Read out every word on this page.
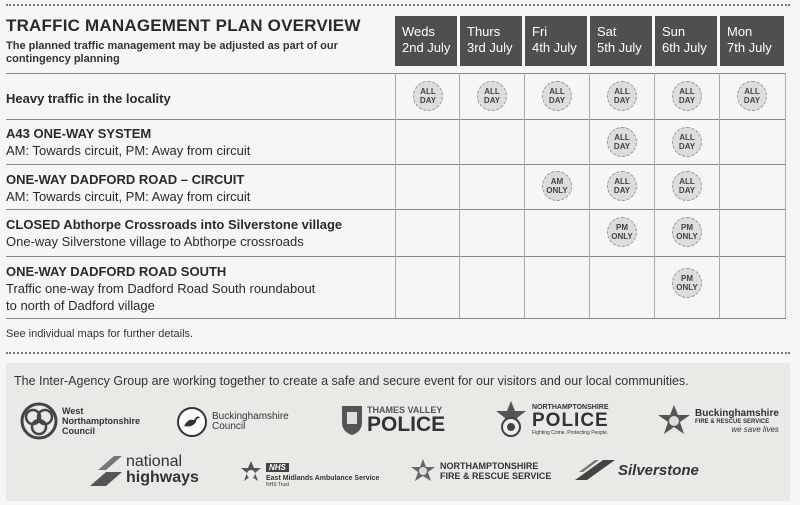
TRAFFIC MANAGEMENT PLAN OVERVIEW
The planned traffic management may be adjusted as part of our contingency planning
Weds
2nd July
Thurs
3rd July
Fri
4th July
Sat
5th July
Sun
6th July
Mon
7th July
Heavy traffic in the locality
A43 ONE-WAY SYSTEM
AM: Towards circuit, PM: Away from circuit
ONE-WAY DADFORD ROAD – CIRCUIT
AM: Towards circuit, PM: Away from circuit
CLOSED Abthorpe Crossroads into Silverstone village
One-way Silverstone village to Abthorpe crossroads
ONE-WAY DADFORD ROAD SOUTH
Traffic one-way from Dadford Road South roundabout
to north of Dadford village
ALL
DAY
ALL
DAY
ALL
DAY
ALL
DAY
ALL
DAY
ALL
DAY
ALL
DAY
ALL
DAY
AM
ONLY
ALL
DAY
ALL
DAY
PM
ONLY
PM
ONLY
PM
ONLY
See individual maps for further details.
The Inter-Agency Group are working together to create a safe and secure event for our visitors and our local communities.
West
Northamptonshire
Council
Buckinghamshire
Council
THAMES VALLEY
POLICE
NORTHAMPTONSHIRE
POLICE
Fighting Crime. Protecting People.
Buckinghamshire
FIRE & RESCUE SERVICE
we save lives
national
highways
NHS
East Midlands Ambulance Service
NHS Trust
NORTHAMPTONSHIRE
FIRE & RESCUE SERVICE	Silverstone
